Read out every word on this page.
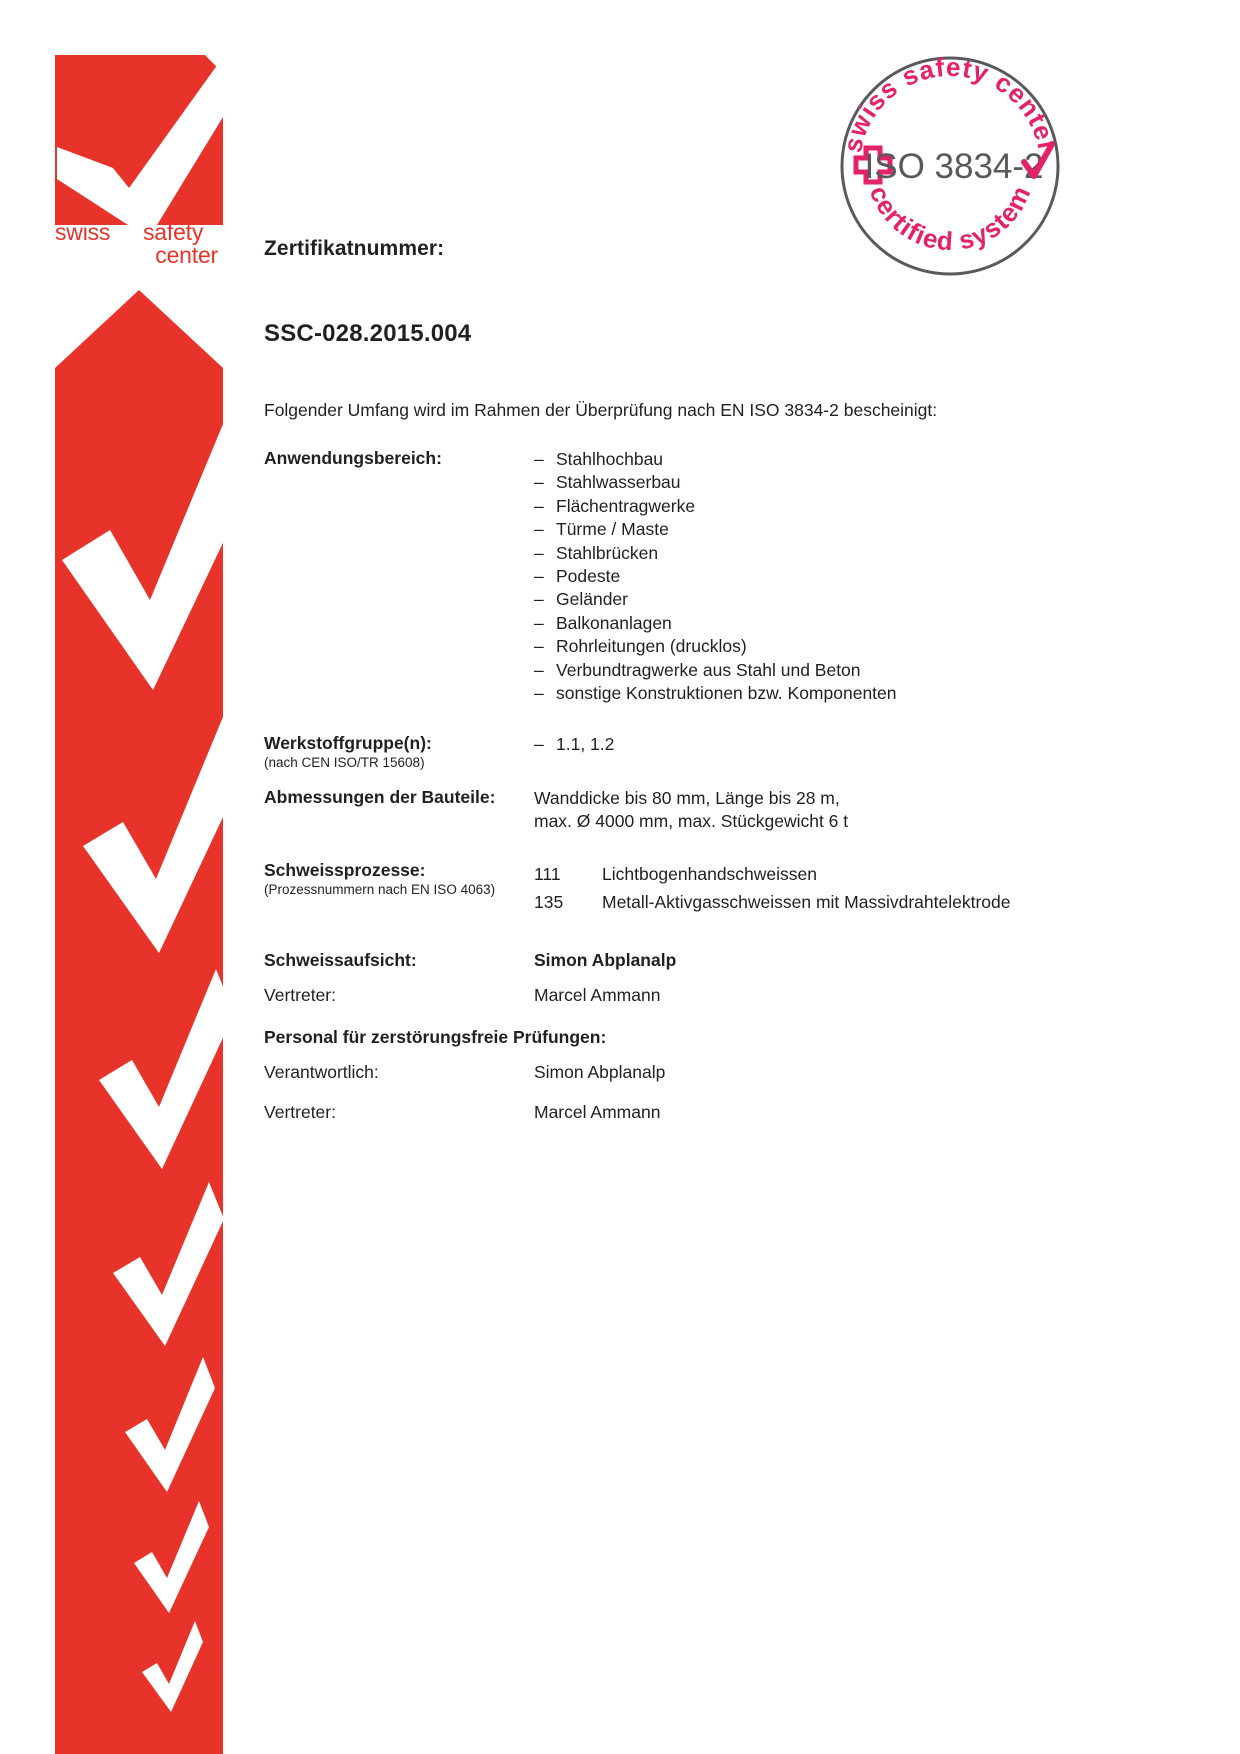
swiss safety
center
swiss safety center
certified system
ISO 3834-2
Zertifikatnummer:
SSC-028.2015.004
Folgender Umfang wird im Rahmen der Überprüfung nach EN ISO 3834-2 bescheinigt:
Anwendungsbereich:	– Stahlhochbau
– Stahlwasserbau
– Flächentragwerke
– Türme / Maste
– Stahlbrücken
– Podeste
– Geländer
– Balkonanlagen
– Rohrleitungen (drucklos)
– Verbundtragwerke aus Stahl und Beton
– sonstige Konstruktionen bzw. Komponenten
Werkstoffgruppe(n):
(nach CEN ISO/TR 15608)
– 1.1, 1.2
Abmessungen der Bauteile: Wanddicke bis 80 mm, Länge bis 28 m,
max. Ø 4000 mm, max. Stückgewicht 6 t
Schweissprozesse:
(Prozessnummern nach EN ISO 4063)
111 Lichtbogenhandschweissen
135 Metall-Aktivgasschweissen mit Massivdrahtelektrode
Schweissaufsicht:	Simon Abplanalp
Vertreter:	Marcel Ammann
Personal für zerstörungsfreie Prüfungen:
Verantwortlich:	Simon Abplanalp
Vertreter:	Marcel Ammann
